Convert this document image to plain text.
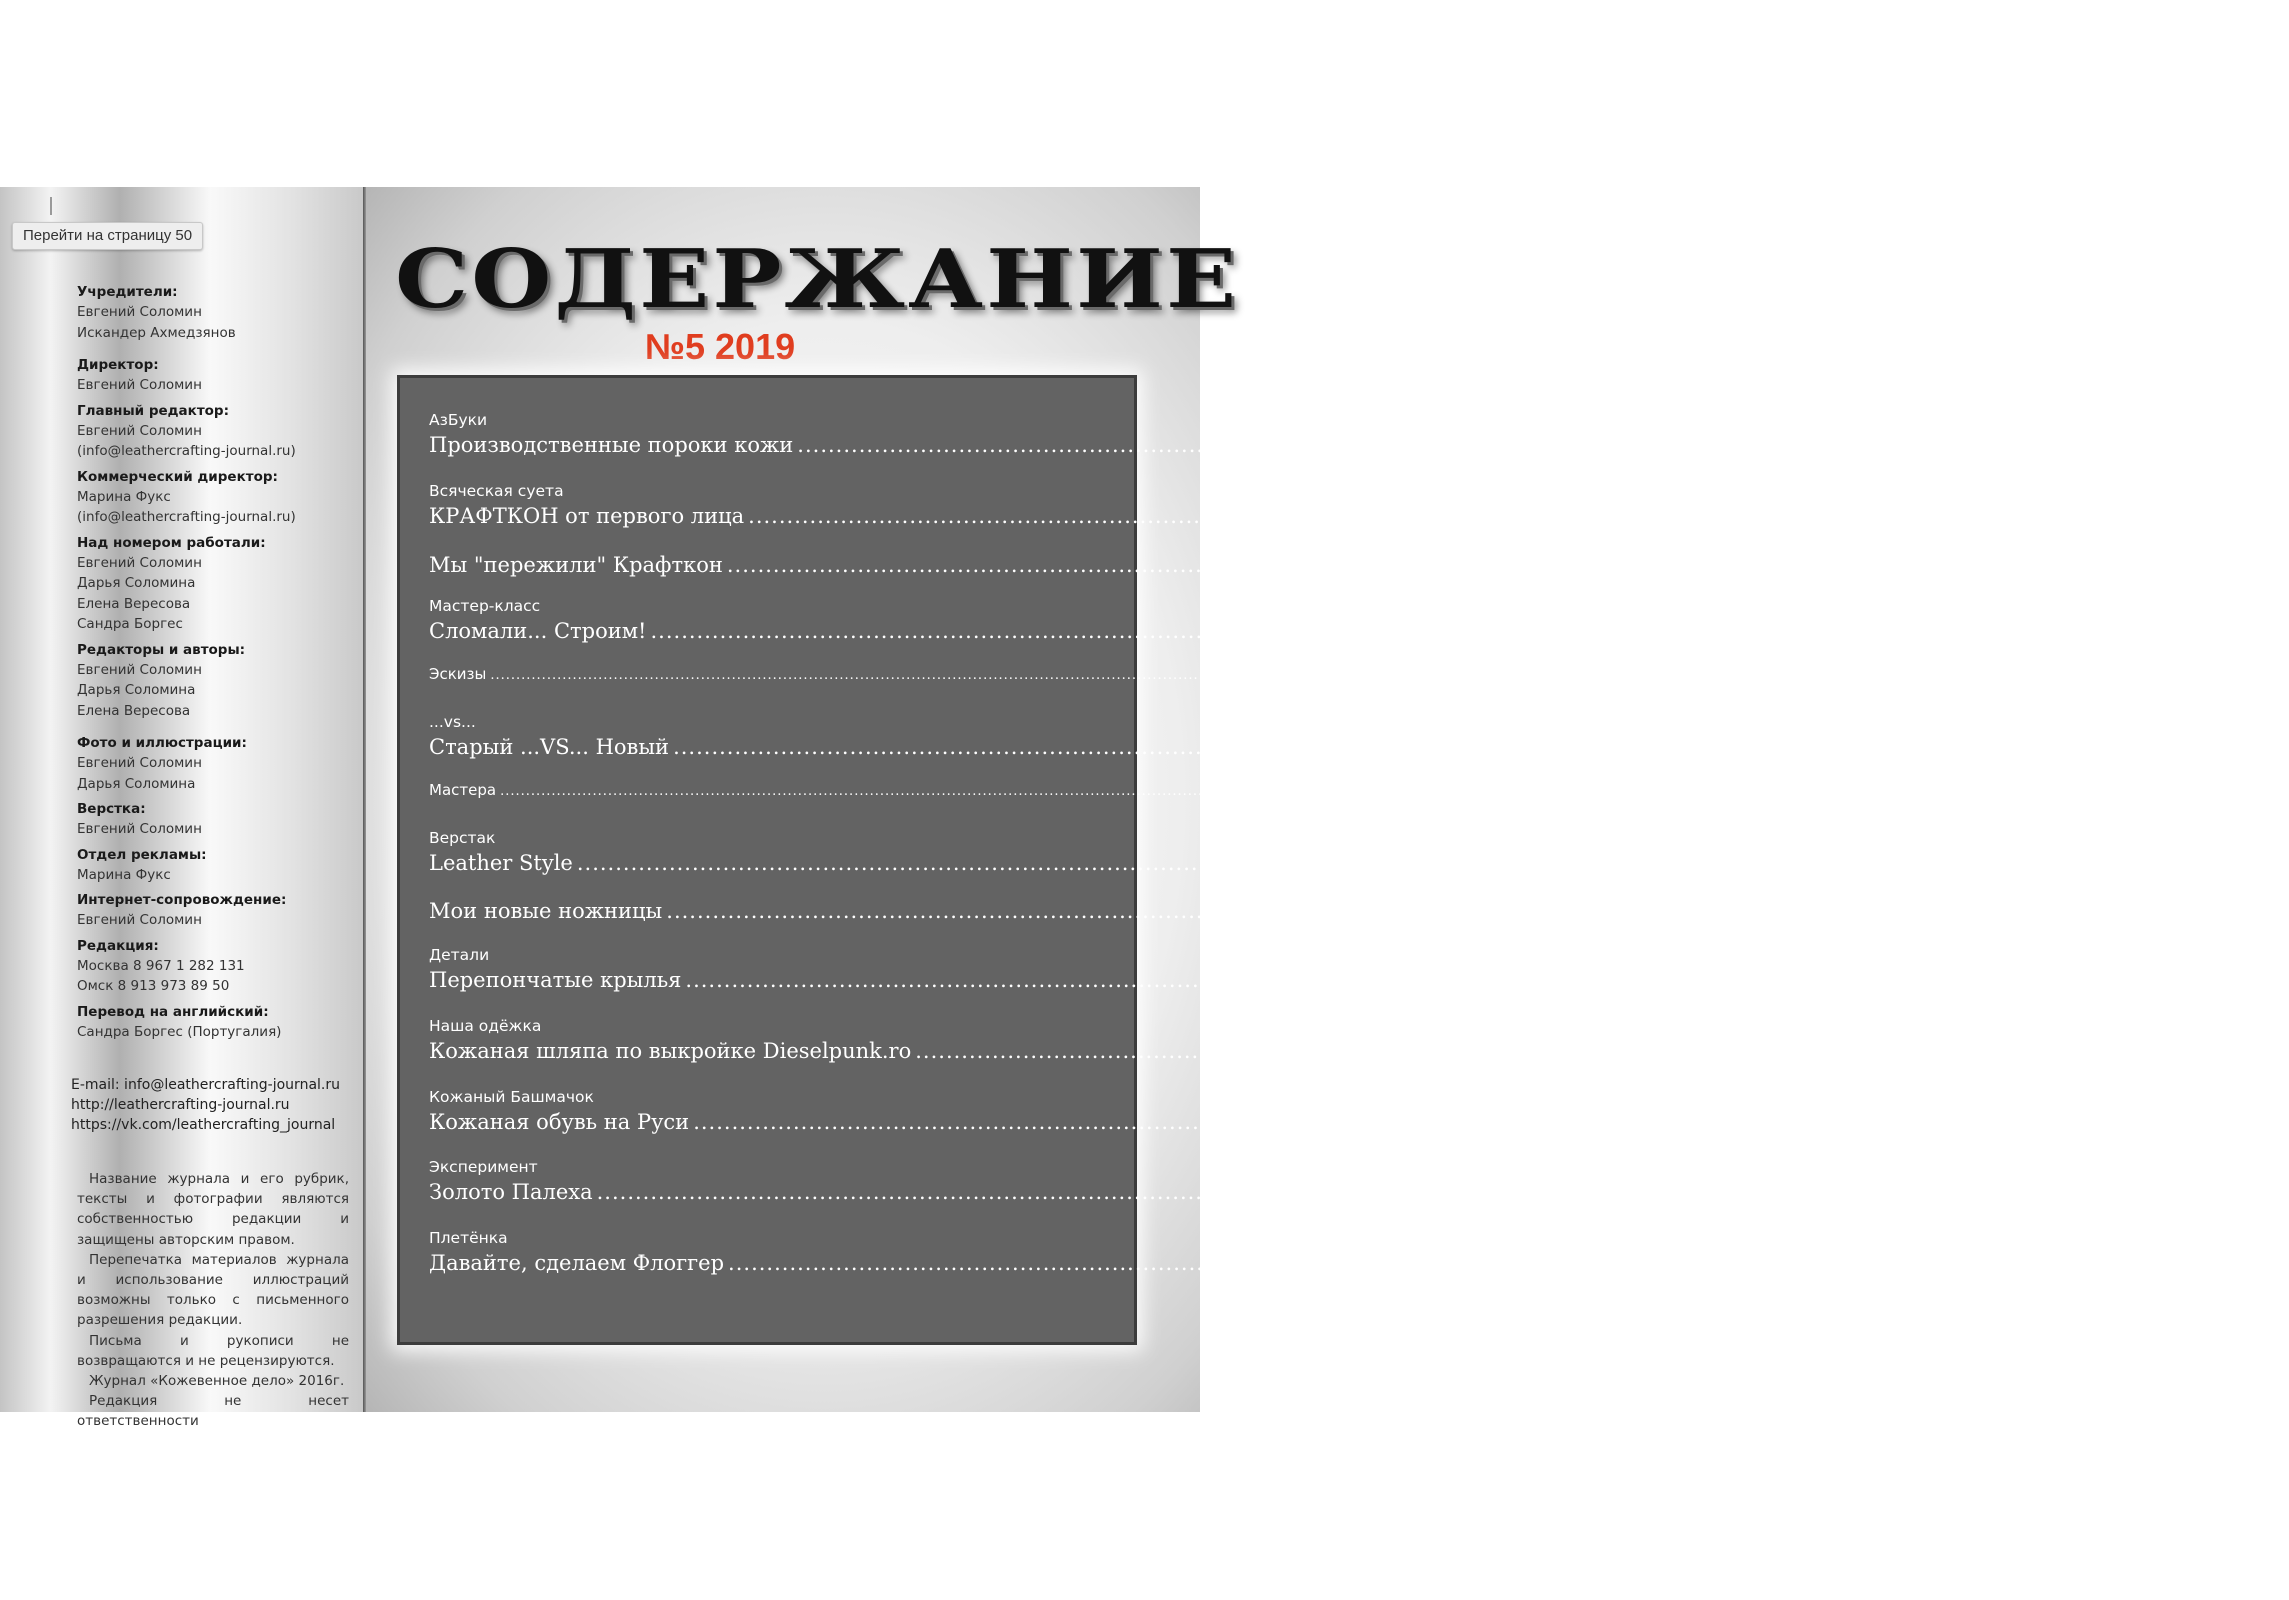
Перейти на страницу 50
Учредители:
Евгений Соломин
Искандер Ахмедзянов
Директор:
Евгений Соломин
Главный редактор:
Евгений Соломин
(info@leathercrafting-journal.ru)
Коммерческий директор:
Марина Фукс
(info@leathercrafting-journal.ru)
Над номером работали:
Евгений Соломин
Дарья Соломина
Елена Вересова
Сандра Боргес
Редакторы и авторы:
Евгений Соломин
Дарья Соломина
Елена Вересова
Фото и иллюстрации:
Евгений Соломин
Дарья Соломина
Верстка:
Евгений Соломин
Отдел рекламы:
Марина Фукс
Интернет-сопровождение:
Евгений Соломин
Редакция:
Москва 8 967 1 282 131
Омск 8 913 973 89 50
Перевод на английский:
Сандра Боргес (Португалия)
E-mail: info@leathercrafting-journal.ru
http://leathercrafting-journal.ru
https://vk.com/leathercrafting_journal

Название журнала и его рубрик, тексты и фотографии являются собственностью редакции и защищены авторским правом.

Перепечатка материалов журнала и использование иллюстраций возможны только с письменного разрешения редакции.

Письма и рукописи не возвращаются и не рецензируются.

Журнал «Кожевенное дело» 2016г.

Редакция не несет ответственности

СОДЕРЖАНИЕ
№5 2019
АзБуки
Производственные пороки кожи .....	4
Всяческая суета
КРАФТКОН от первого лица .....	12
Мы "пережили" Крафткон .....	18
Мастер-класс
Сломали... Строим! .....	26
Эскизы .....	35
...vs...
Старый ...VS... Новый .....	39
Мастера .....	41
Верстак
Leather Style .....	46
Мои новые ножницы .....	50
Детали
Перепончатые крылья .....	52
Наша одёжка
Кожаная шляпа по выкройке Dieselpunk.ro .....	55
Кожаный Башмачок
Кожаная обувь на Руси .....	60
Эксперимент
Золото Палеха .....	63
Плетёнка
Давайте, сделаем Флоггер .....	67
